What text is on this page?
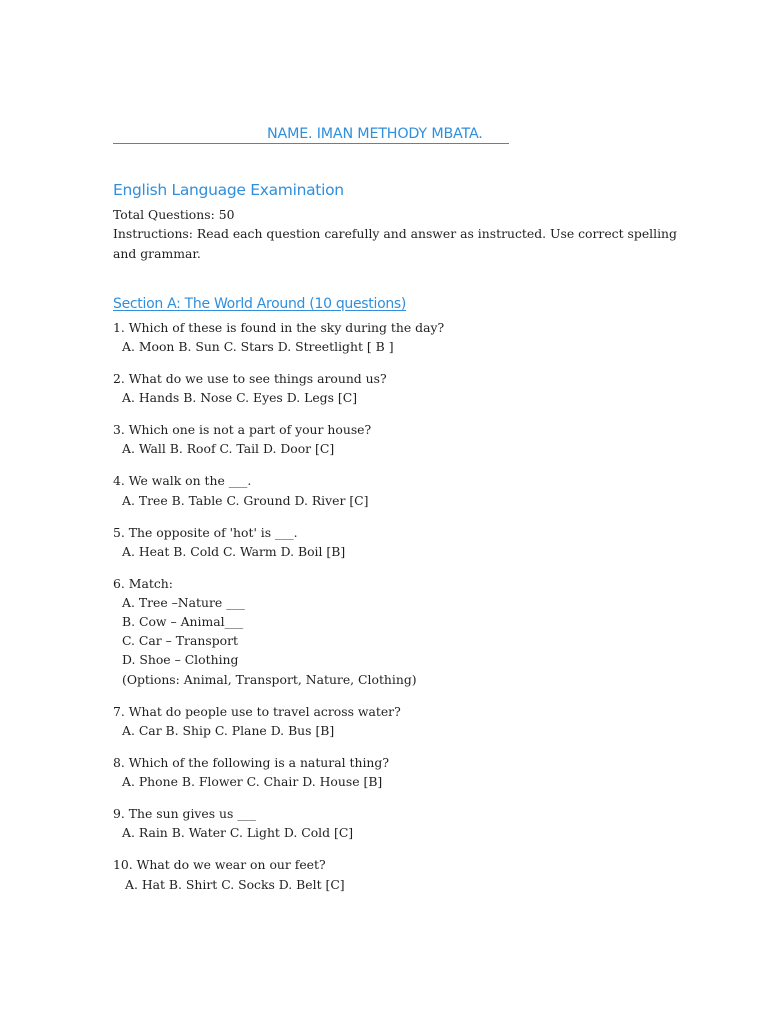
NAME. IMAN METHODY MBATA.
English Language Examination
Total Questions: 50
Instructions: Read each question carefully and answer as instructed. Use correct spelling
and grammar.
Section A: The World Around (10 questions)
1. Which of these is found in the sky during the day?
A. Moon B. Sun C. Stars D. Streetlight [ B ]
2. What do we use to see things around us?
A. Hands B. Nose C. Eyes D. Legs [C]
3. Which one is not a part of your house?
A. Wall B. Roof C. Tail D. Door [C]
4. We walk on the ___.
A. Tree B. Table C. Ground D. River [C]
5. The opposite of 'hot' is ___.
A. Heat B. Cold C. Warm D. Boil [B]
6. Match:
A. Tree –Nature ___
B. Cow – Animal___
C. Car – Transport
D. Shoe – Clothing
(Options: Animal, Transport, Nature, Clothing)
7. What do people use to travel across water?
A. Car B. Ship C. Plane D. Bus [B]
8. Which of the following is a natural thing?
A. Phone B. Flower C. Chair D. House [B]
9. The sun gives us ___
A. Rain B. Water C. Light D. Cold [C]
10. What do we wear on our feet?
A. Hat B. Shirt C. Socks D. Belt [C]
